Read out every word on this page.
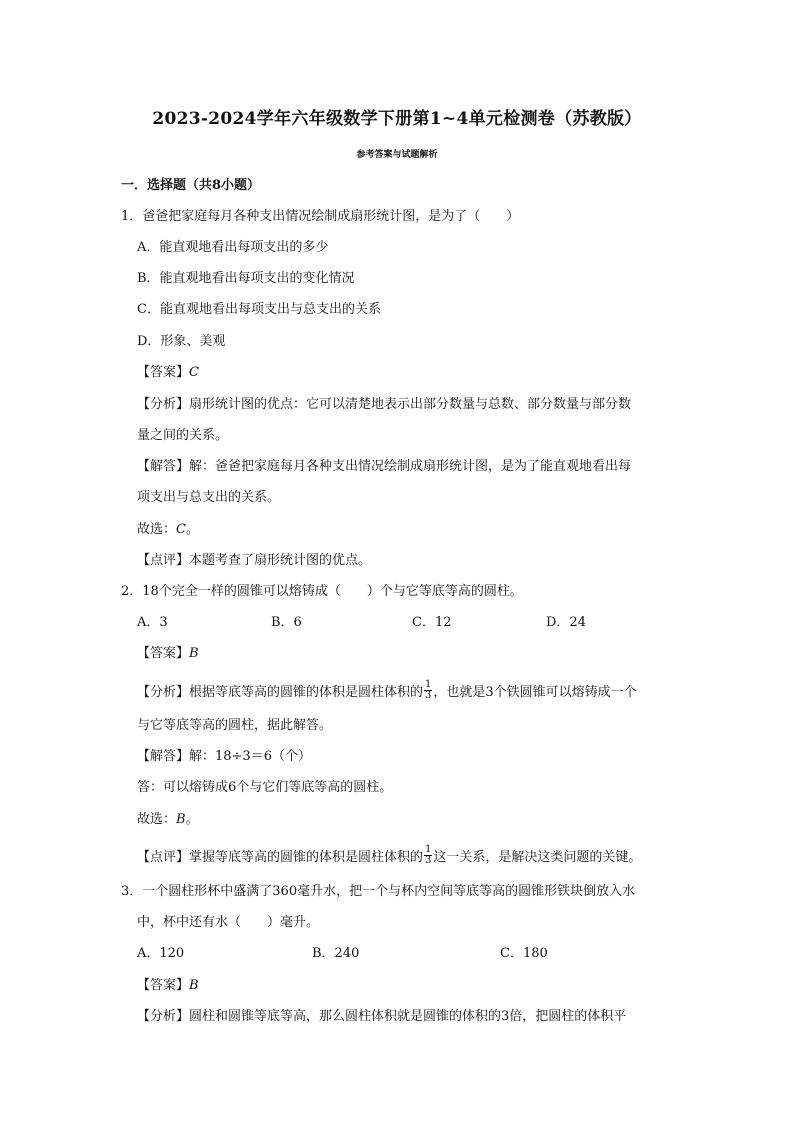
2023-2024学年六年级数学下册第1~4单元检测卷（苏教版）
参考答案与试题解析
一．选择题（共8小题）
1．爸爸把家庭每月各种支出情况绘制成扇形统计图，是为了（　　）
A．能直观地看出每项支出的多少
B．能直观地看出每项支出的变化情况
C．能直观地看出每项支出与总支出的关系
D．形象、美观
【答案】C
【分析】扇形统计图的优点：它可以清楚地表示出部分数量与总数、部分数量与部分数
量之间的关系。
【解答】解：爸爸把家庭每月各种支出情况绘制成扇形统计图，是为了能直观地看出每
项支出与总支出的关系。
故选：C。
【点评】本题考查了扇形统计图的优点。
2．18个完全一样的圆锥可以熔铸成（　　）个与它等底等高的圆柱。
A．3	B．6	C．12	D．24
【答案】B
【分析】根据等底等高的圆锥的体积是圆柱体积的 $\frac{1}{3}$ ，也就是3个铁圆锥可以熔铸成一个
与它等底等高的圆柱，据此解答。
【解答】解：18÷3＝6（个）
答：可以熔铸成6个与它们等底等高的圆柱。
故选：B。
【点评】掌握等底等高的圆锥的体积是圆柱体积的 $\frac{1}{3}$ 这一关系，是解决这类问题的关键。
3．一个圆柱形杯中盛满了360毫升水，把一个与杯内空间等底等高的圆锥形铁块倒放入水
中，杯中还有水（　　）毫升。
A．120	B．240	C．180
【答案】B
【分析】圆柱和圆锥等底等高，那么圆柱体积就是圆锥的体积的3倍，把圆柱的体积平
